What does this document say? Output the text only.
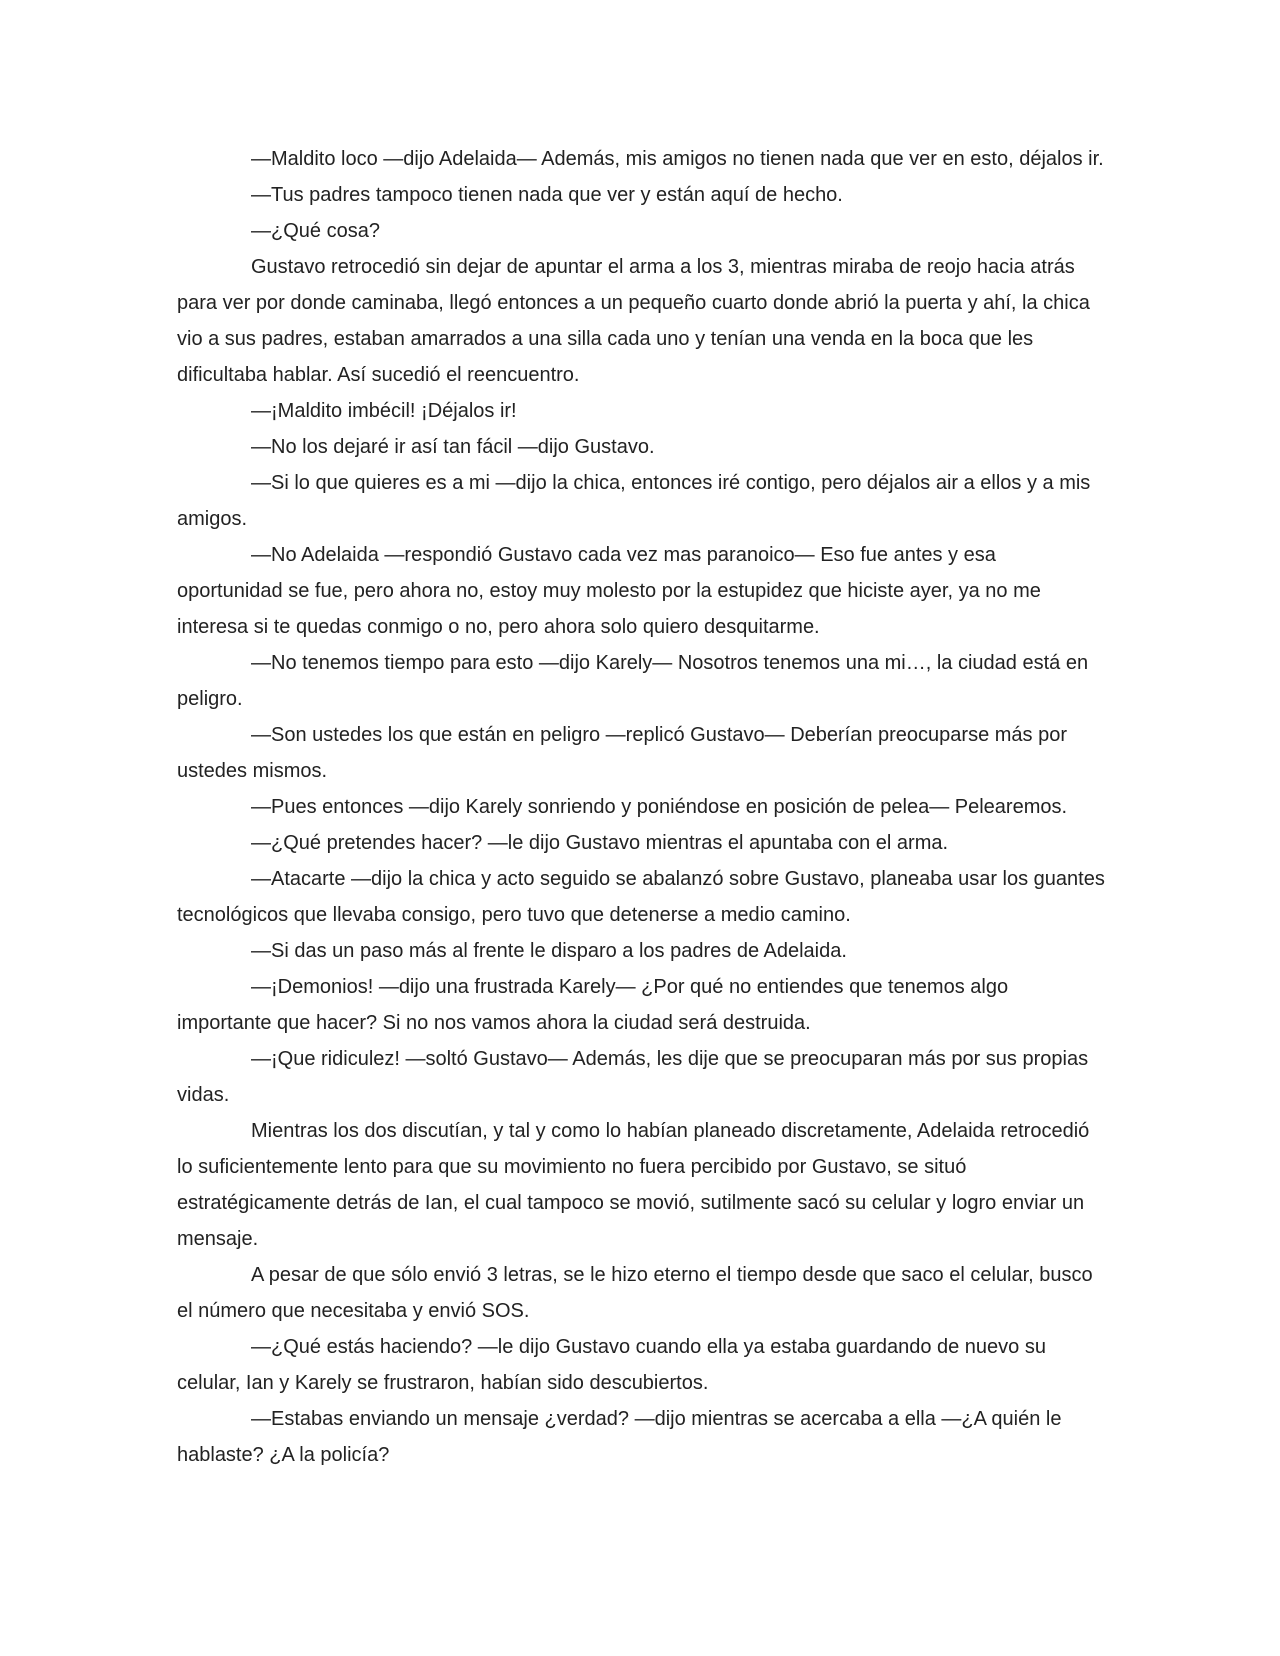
—Maldito loco —dijo Adelaida— Además, mis amigos no tienen nada que ver en esto, déjalos ir.

—Tus padres tampoco tienen nada que ver y están aquí de hecho.

—¿Qué cosa?

Gustavo retrocedió sin dejar de apuntar el arma a los 3, mientras miraba de reojo hacia atrás para ver por donde caminaba, llegó entonces a un pequeño cuarto donde abrió la puerta y ahí, la chica vio a sus padres, estaban amarrados a una silla cada uno y tenían una venda en la boca que les dificultaba hablar. Así sucedió el reencuentro.

—¡Maldito imbécil! ¡Déjalos ir!

—No los dejaré ir así tan fácil —dijo Gustavo.

—Si lo que quieres es a mi —dijo la chica, entonces iré contigo, pero déjalos air a ellos y a mis amigos.

—No Adelaida —respondió Gustavo cada vez mas paranoico— Eso fue antes y esa oportunidad se fue, pero ahora no, estoy muy molesto por la estupidez que hiciste ayer, ya no me interesa si te quedas conmigo o no, pero ahora solo quiero desquitarme.

—No tenemos tiempo para esto —dijo Karely— Nosotros tenemos una mi…, la ciudad está en peligro.

—Son ustedes los que están en peligro —replicó Gustavo— Deberían preocuparse más por ustedes mismos.

—Pues entonces —dijo Karely sonriendo y poniéndose en posición de pelea— Pelearemos.

—¿Qué pretendes hacer? —le dijo Gustavo mientras el apuntaba con el arma.

—Atacarte —dijo la chica y acto seguido se abalanzó sobre Gustavo, planeaba usar los guantes tecnológicos que llevaba consigo, pero tuvo que detenerse a medio camino.

—Si das un paso más al frente le disparo a los padres de Adelaida.

—¡Demonios! —dijo una frustrada Karely— ¿Por qué no entiendes que tenemos algo importante que hacer? Si no nos vamos ahora la ciudad será destruida.

—¡Que ridiculez! —soltó Gustavo— Además, les dije que se preocuparan más por sus propias vidas.

Mientras los dos discutían, y tal y como lo habían planeado discretamente, Adelaida retrocedió lo suficientemente lento para que su movimiento no fuera percibido por Gustavo, se situó estratégicamente detrás de Ian, el cual tampoco se movió, sutilmente sacó su celular y logro enviar un mensaje.

A pesar de que sólo envió 3 letras, se le hizo eterno el tiempo desde que saco el celular, busco el número que necesitaba y envió SOS.

—¿Qué estás haciendo? —le dijo Gustavo cuando ella ya estaba guardando de nuevo su celular, Ian y Karely se frustraron, habían sido descubiertos.

—Estabas enviando un mensaje ¿verdad? —dijo mientras se acercaba a ella —¿A quién le hablaste? ¿A la policía?
